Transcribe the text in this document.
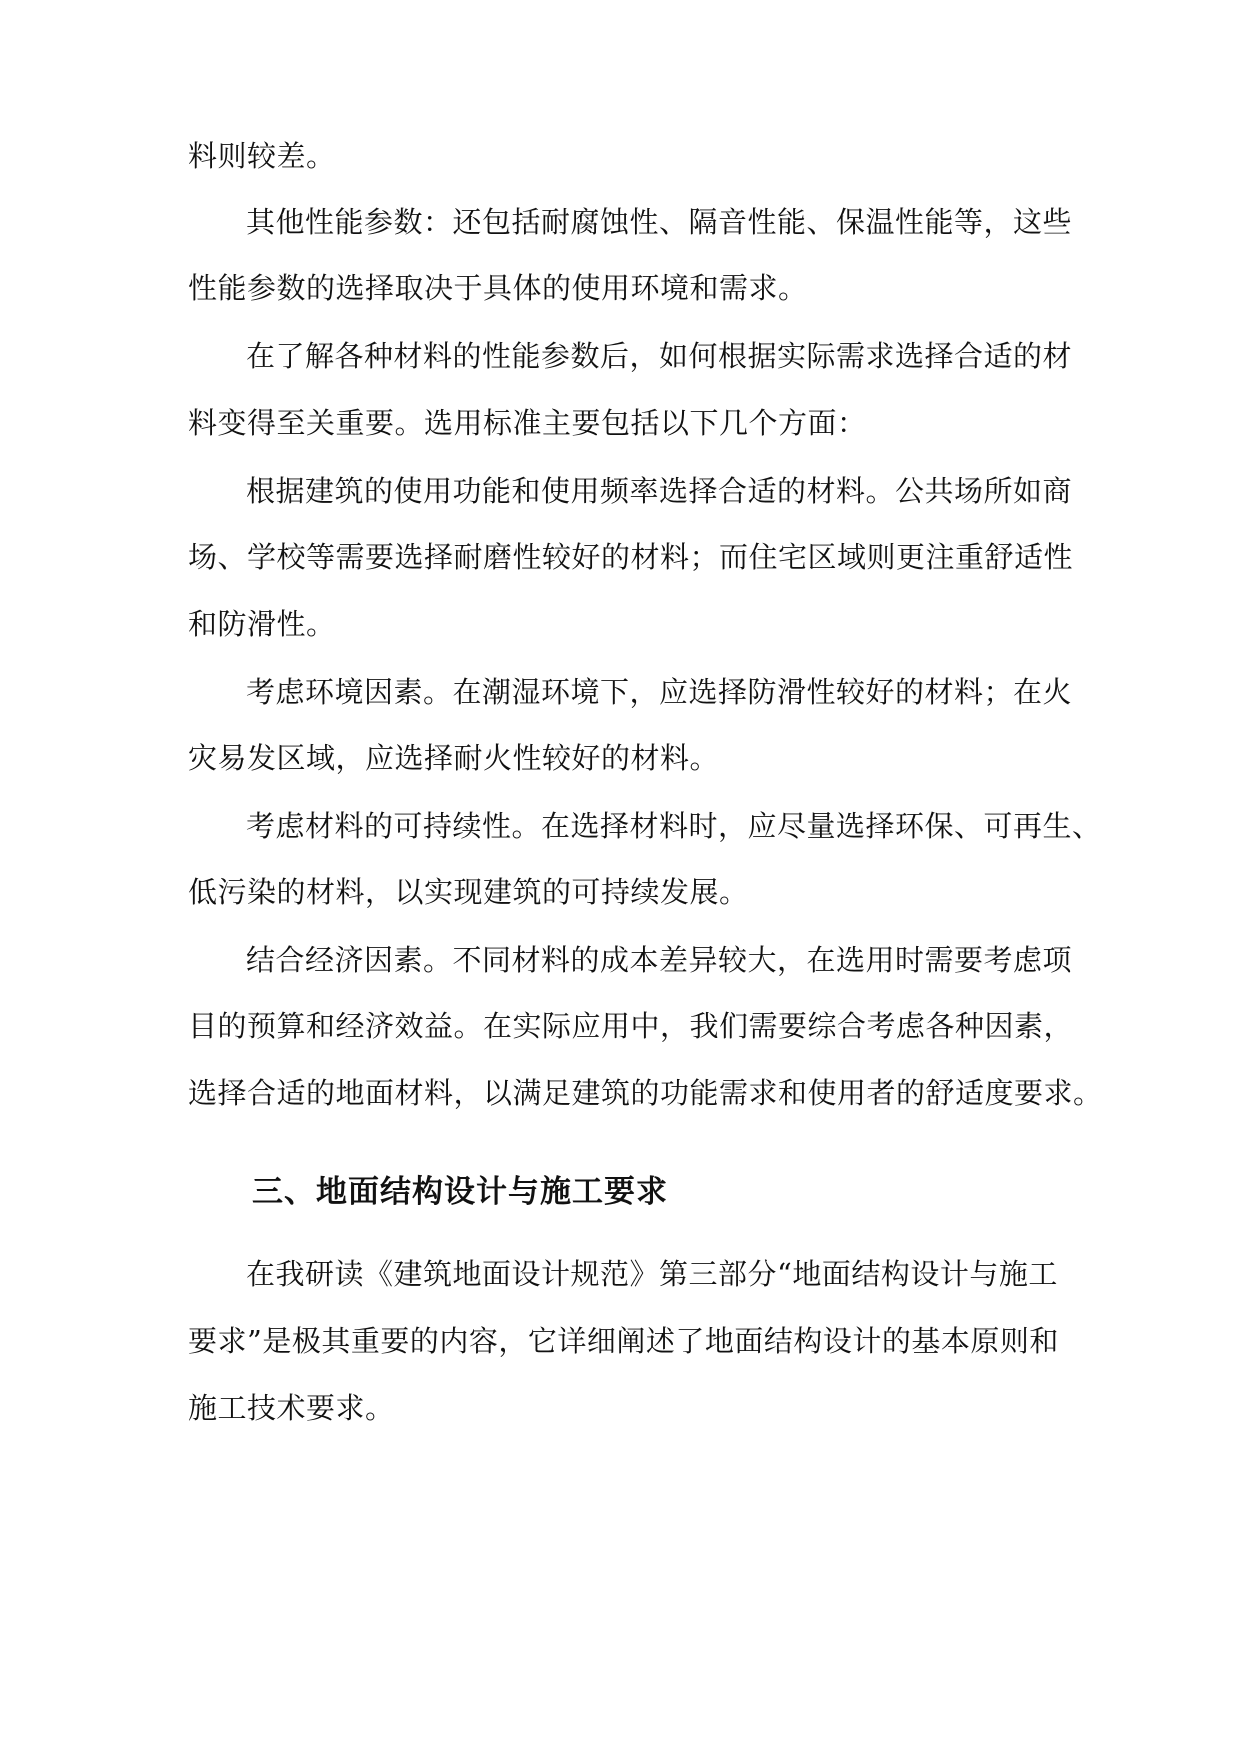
料则较差。
其他性能参数：还包括耐腐蚀性、隔音性能、保温性能等，这些
性能参数的选择取决于具体的使用环境和需求。
在了解各种材料的性能参数后，如何根据实际需求选择合适的材
料变得至关重要。选用标准主要包括以下几个方面：
根据建筑的使用功能和使用频率选择合适的材料。公共场所如商
场、学校等需要选择耐磨性较好的材料；而住宅区域则更注重舒适性
和防滑性。
考虑环境因素。在潮湿环境下，应选择防滑性较好的材料；在火
灾易发区域，应选择耐火性较好的材料。
考虑材料的可持续性。在选择材料时，应尽量选择环保、可再生、
低污染的材料，以实现建筑的可持续发展。
结合经济因素。不同材料的成本差异较大，在选用时需要考虑项
目的预算和经济效益。在实际应用中，我们需要综合考虑各种因素，
选择合适的地面材料，以满足建筑的功能需求和使用者的舒适度要求。
三、地面结构设计与施工要求
在我研读《建筑地面设计规范》第三部分“地面结构设计与施工
要求”是极其重要的内容，它详细阐述了地面结构设计的基本原则和
施工技术要求。
